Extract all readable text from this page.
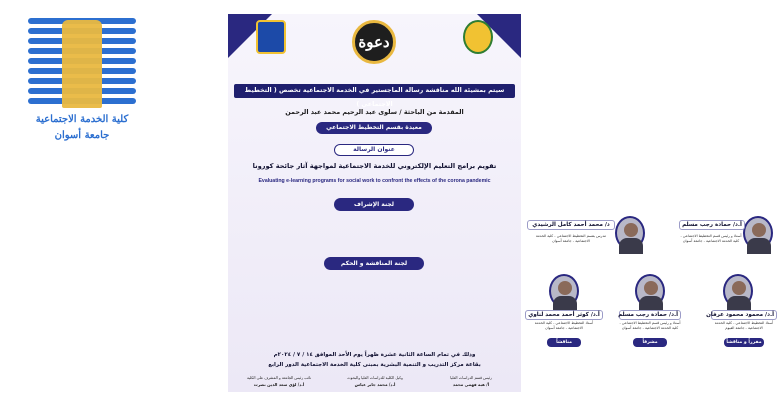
كلية الخدمة الاجتماعية
جامعة أسوان
دعوة
سيتم بمشيئة الله مناقشة رسالة الماجستير في الخدمة الاجتماعية تخصص ( التخطيط الاجتماعي )
المقدمة من الباحثة / سلوى عبد الرحيم محمد عبد الرحمن
معيدة بقسم التخطيط الاجتماعي
عنوان الرسالة
تقويم برامج التعليم الإلكتروني للخدمة الاجتماعية لمواجهة آثار جائحة كورونا
Evaluating e-learning programs for social work to confront the effects of the corona pandemic
لجنة الإشراف
أ.د/ حمادة رجب مسلم
أستاذ و رئيس قسم التخطيط الاجتماعي - كلية الخدمة الاجتماعية - جامعة أسوان
د/ محمد أحمد كامل الرشيدي
مدرس بقسم التخطيط الاجتماعي - كلية الخدمة الاجتماعية - جامعة أسوان
لجنة المناقشة و الحكم
أ.د/ محمود محمود عرفان
أستاذ التخطيط الاجتماعي - كلية الخدمة الاجتماعية - جامعة الفيوم
مقرراً و مناقشاً
أ.د/ حمادة رجب مسلم
أستاذ و رئيس قسم التخطيط الاجتماعي - كلية الخدمة الاجتماعية - جامعة أسوان
مشرفاً
أ.د/ كوثر أحمد محمد لناوي
أستاذ التخطيط الاجتماعي - كلية الخدمة الاجتماعية - جامعة أسوان
مناقشاً
وذلك في تمام الساعة الثانية عشرة ظهراً يوم الأحد الموافق ١٤ / ٧ / ٢٠٢٤م
بقاعة مركز التدريب و التنمية البشرية بمبنى كلية الخدمة الاجتماعية الدور الرابع
رئيس قسم الدراسات العليا
أ/ هبة فهمي محمد
وكيل الكلية للدراسات العليا والبحوث
أ.د/ محمد جابر عباس
نائب رئيس الجامعة و المشرف على الكلية
أ.د/ لؤي سعد الدين نصرت
